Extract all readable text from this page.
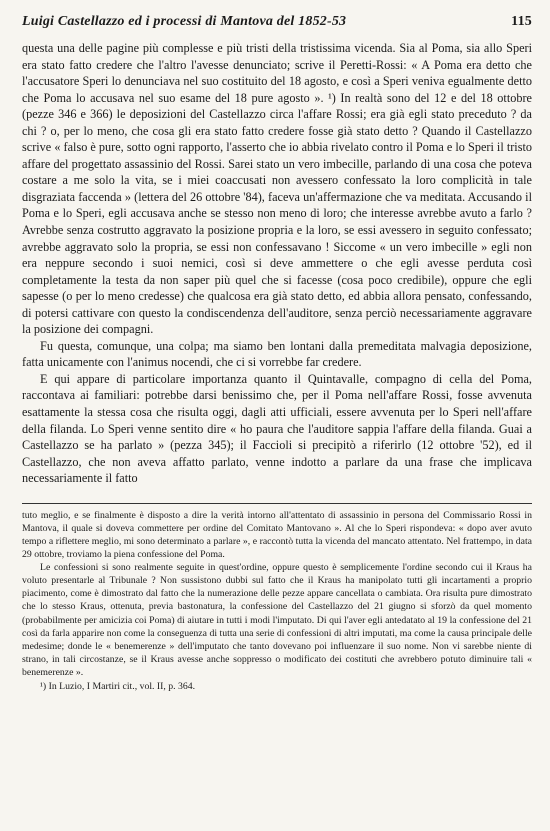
Luigi Castellazzo ed i processi di Mantova del 1852-53	115

questa una delle pagine più complesse e più tristi della tristissima vicenda. Sia al Poma, sia allo Speri era stato fatto credere che l'altro l'avesse denunciato; scrive il Peretti-Rossi: « A Poma era detto che l'accusatore Speri lo denunciava nel suo costituito del 18 agosto, e così a Speri veniva egualmente detto che Poma lo accusava nel suo esame del 18 pure agosto ». ¹) In realtà sono del 12 e del 18 ottobre (pezze 346 e 366) le deposizioni del Castellazzo circa l'affare Rossi; era già egli stato preceduto ? da chi ? o, per lo meno, che cosa gli era stato fatto credere fosse già stato detto ? Quando il Castellazzo scrive « falso è pure, sotto ogni rapporto, l'asserto che io abbia rivelato contro il Poma e lo Speri il tristo affare del progettato assassinio del Rossi. Sarei stato un vero imbecille, parlando di una cosa che poteva costare a me solo la vita, se i miei coaccusati non avessero confessato la loro complicità in tale disgraziata faccenda » (lettera del 26 ottobre '84), faceva un'affermazione che va meditata. Accusando il Poma e lo Speri, egli accusava anche se stesso non meno di loro; che interesse avrebbe avuto a farlo ? Avrebbe senza costrutto aggravato la posizione propria e la loro, se essi avessero in seguito confessato; avrebbe aggravato solo la propria, se essi non confessavano ! Siccome « un vero imbecille » egli non era neppure secondo i suoi nemici, così si deve ammettere o che egli avesse perduta così completamente la testa da non saper più quel che si facesse (cosa poco credibile), oppure che egli sapesse (o per lo meno credesse) che qualcosa era già stato detto, ed abbia allora pensato, confessando, di potersi cattivare con questo la condiscendenza dell'auditore, senza perciò necessariamente aggravare la posizione dei compagni.

Fu questa, comunque, una colpa; ma siamo ben lontani dalla premeditata malvagia deposizione, fatta unicamente con l'animus nocendi, che ci si vorrebbe far credere.

E qui appare di particolare importanza quanto il Quintavalle, compagno di cella del Poma, raccontava ai familiari: potrebbe darsi benissimo che, per il Poma nell'affare Rossi, fosse avvenuta esattamente la stessa cosa che risulta oggi, dagli atti ufficiali, essere avvenuta per lo Speri nell'affare della filanda. Lo Speri venne sentito dire « ho paura che l'auditore sappia l'affare della filanda. Guai a Castellazzo se ha parlato » (pezza 345); il Faccioli si precipitò a riferirlo (12 ottobre '52), ed il Castellazzo, che non aveva affatto parlato, venne indotto a parlare da una frase che implicava necessariamente il fatto

tuto meglio, e se finalmente è disposto a dire la verità intorno all'attentato di assassinio in persona del Commissario Rossi in Mantova, il quale si doveva commettere per ordine del Comitato Mantovano ». Al che lo Speri rispondeva: « dopo aver avuto tempo a riflettere meglio, mi sono determinato a parlare », e raccontò tutta la vicenda del mancato attentato. Nel frattempo, in data 29 ottobre, troviamo la piena confessione del Poma.

Le confessioni si sono realmente seguite in quest'ordine, oppure questo è semplicemente l'ordine secondo cui il Kraus ha voluto presentarle al Tribunale ? Non sussistono dubbi sul fatto che il Kraus ha manipolato tutti gli incartamenti a proprio piacimento, come è dimostrato dal fatto che la numerazione delle pezze appare cancellata o cambiata. Ora risulta pure dimostrato che lo stesso Kraus, ottenuta, previa bastonatura, la confessione del Castellazzo del 21 giugno si sforzò da quel momento (probabilmente per amicizia coi Poma) di aiutare in tutti i modi l'imputato. Di qui l'aver egli antedatato al 19 la confessione del 21 così da farla apparire non come la conseguenza di tutta una serie di confessioni di altri imputati, ma come la causa principale delle medesime; donde le « benemerenze » dell'imputato che tanto dovevano poi influenzare il suo nome. Non vi sarebbe niente di strano, in tali circostanze, se il Kraus avesse anche soppresso o modificato dei costituti che avrebbero potuto diminuire tali « benemerenze ».

¹) In Luzio, I Martiri cit., vol. II, p. 364.
